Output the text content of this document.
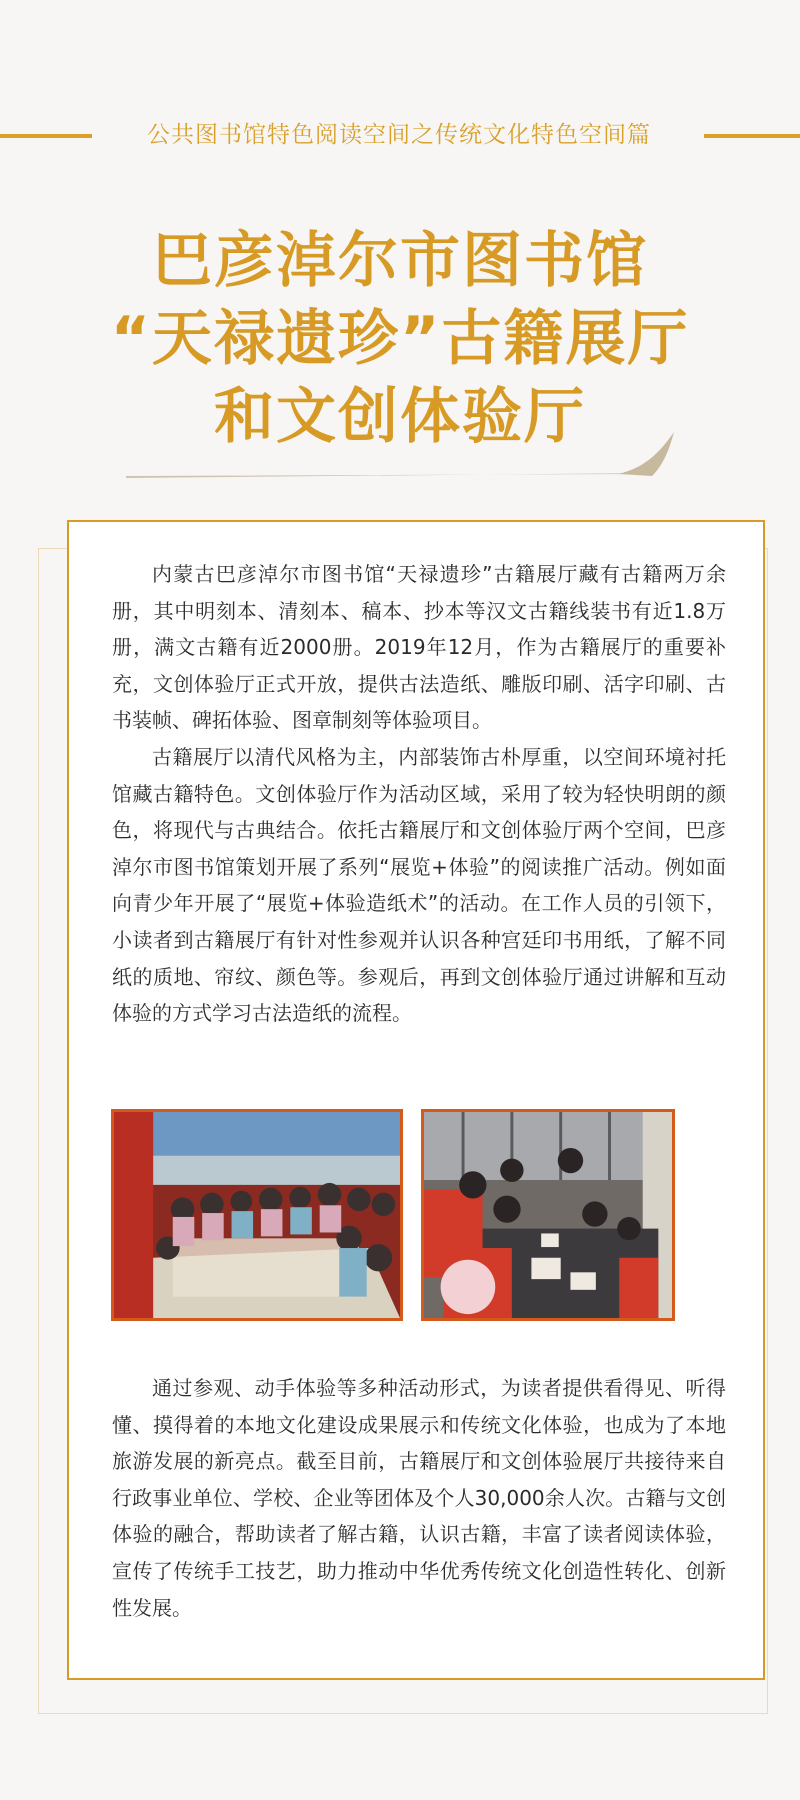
公共图书馆特色阅读空间之传统文化特色空间篇
巴彦淖尔市图书馆
“天禄遗珍”古籍展厅
和文创体验厅

内蒙古巴彦淖尔市图书馆“天禄遗珍”古籍展厅藏有古籍两万余册，其中明刻本、清刻本、稿本、抄本等汉文古籍线装书有近1.8万册，满文古籍有近2000册。2019年12月，作为古籍展厅的重要补充，文创体验厅正式开放，提供古法造纸、雕版印刷、活字印刷、古书装帧、碑拓体验、图章制刻等体验项目。

古籍展厅以清代风格为主，内部装饰古朴厚重，以空间环境衬托馆藏古籍特色。文创体验厅作为活动区域，采用了较为轻快明朗的颜色，将现代与古典结合。依托古籍展厅和文创体验厅两个空间，巴彦淖尔市图书馆策划开展了系列“展览+体验”的阅读推广活动。例如面向青少年开展了“展览+体验造纸术”的活动。在工作人员的引领下，小读者到古籍展厅有针对性参观并认识各种宫廷印书用纸，了解不同纸的质地、帘纹、颜色等。参观后，再到文创体验厅通过讲解和互动体验的方式学习古法造纸的流程。

通过参观、动手体验等多种活动形式，为读者提供看得见、听得懂、摸得着的本地文化建设成果展示和传统文化体验，也成为了本地旅游发展的新亮点。截至目前，古籍展厅和文创体验展厅共接待来自行政事业单位、学校、企业等团体及个人30,000余人次。古籍与文创体验的融合，帮助读者了解古籍，认识古籍，丰富了读者阅读体验，宣传了传统手工技艺，助力推动中华优秀传统文化创造性转化、创新性发展。
